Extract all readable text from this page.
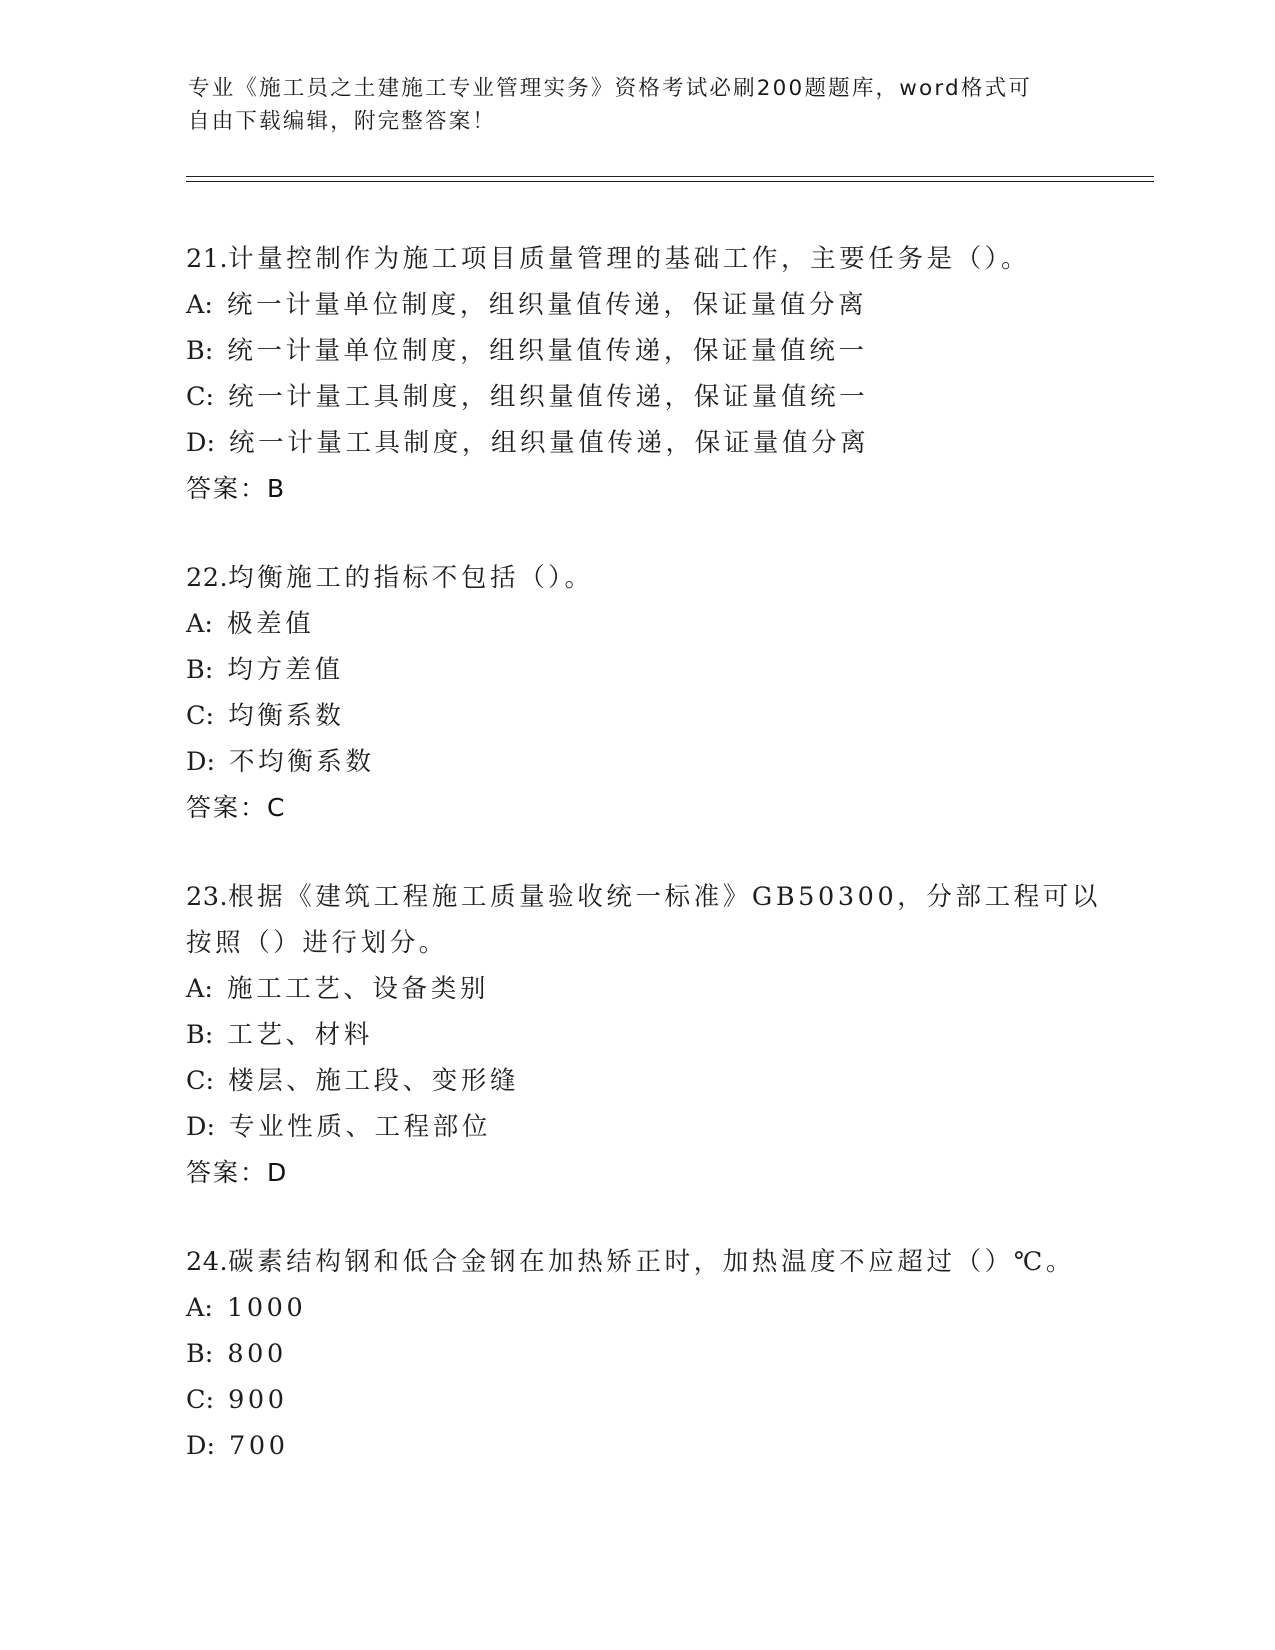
专业《施工员之土建施工专业管理实务》资格考试必刷200题题库，word格式可
自由下载编辑，附完整答案！
21.计量控制作为施工项目质量管理的基础工作，主要任务是（）。
A: 统一计量单位制度，组织量值传递，保证量值分离
B: 统一计量单位制度，组织量值传递，保证量值统一
C: 统一计量工具制度，组织量值传递，保证量值统一
D: 统一计量工具制度，组织量值传递，保证量值分离
答案：B
22.均衡施工的指标不包括（）。
A: 极差值
B: 均方差值
C: 均衡系数
D: 不均衡系数
答案：C
23.根据《建筑工程施工质量验收统一标准》GB50300，分部工程可以
按照（）进行划分。
A: 施工工艺、设备类别
B: 工艺、材料
C: 楼层、施工段、变形缝
D: 专业性质、工程部位
答案：D
24.碳素结构钢和低合金钢在加热矫正时，加热温度不应超过（）℃。
A: 1000
B: 800
C: 900
D: 700
